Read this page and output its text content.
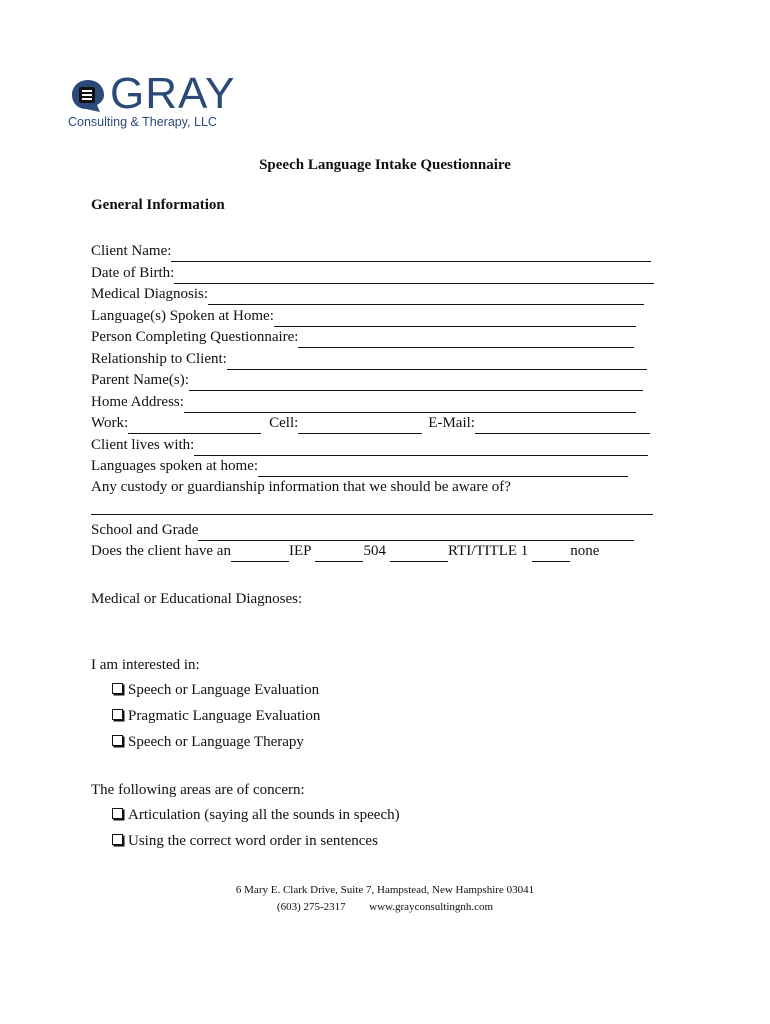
GRAY
Consulting & Therapy, LLC
Speech Language Intake Questionnaire
General Information
Client Name:
Date of Birth:
Medical Diagnosis:
Language(s) Spoken at Home:
Person Completing Questionnaire:
Relationship to Client:
Parent Name(s):
Home Address:
Work:	Cell:	E-Mail:
Client lives with:
Languages spoken at home:
Any custody or guardianship information that we should be aware of?
School and Grade
Does the client have an	IEP	504	RTI/TITLE 1	none
Medical or Educational Diagnoses:
I am interested in:
Speech or Language Evaluation
Pragmatic Language Evaluation
Speech or Language Therapy
The following areas are of concern:
Articulation (saying all the sounds in speech)
Using the correct word order in sentences
6 Mary E. Clark Drive, Suite 7, Hampstead, New Hampshire 03041
(603) 275-2317 www.grayconsultingnh.com
